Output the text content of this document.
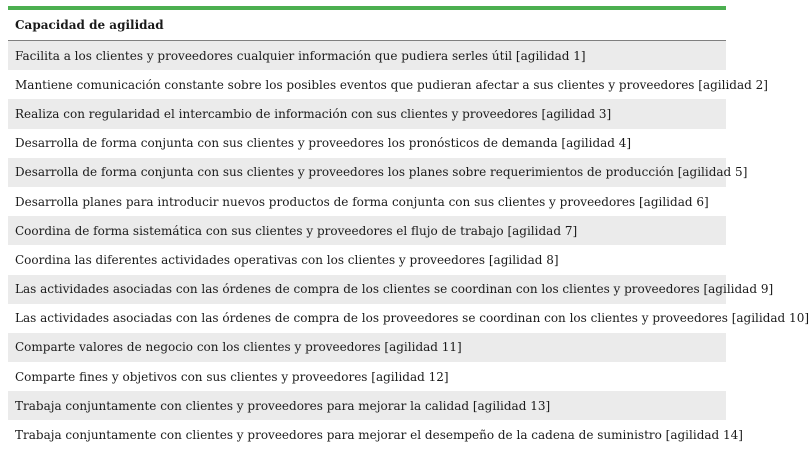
Capacidad de agilidad
Facilita a los clientes y proveedores cualquier información que pudiera serles útil [agilidad 1]
Mantiene comunicación constante sobre los posibles eventos que pudieran afectar a sus clientes y proveedores [agilidad 2]
Realiza con regularidad el intercambio de información con sus clientes y proveedores [agilidad 3]
Desarrolla de forma conjunta con sus clientes y proveedores los pronósticos de demanda [agilidad 4]
Desarrolla de forma conjunta con sus clientes y proveedores los planes sobre requerimientos de producción [agilidad 5]
Desarrolla planes para introducir nuevos productos de forma conjunta con sus clientes y proveedores [agilidad 6]
Coordina de forma sistemática con sus clientes y proveedores el flujo de trabajo [agilidad 7]
Coordina las diferentes actividades operativas con los clientes y proveedores [agilidad 8]
Las actividades asociadas con las órdenes de compra de los clientes se coordinan con los clientes y proveedores [agilidad 9]
Las actividades asociadas con las órdenes de compra de los proveedores se coordinan con los clientes y proveedores [agilidad 10]
Comparte valores de negocio con los clientes y proveedores [agilidad 11]
Comparte fines y objetivos con sus clientes y proveedores [agilidad 12]
Trabaja conjuntamente con clientes y proveedores para mejorar la calidad [agilidad 13]
Trabaja conjuntamente con clientes y proveedores para mejorar el desempeño de la cadena de suministro [agilidad 14]
